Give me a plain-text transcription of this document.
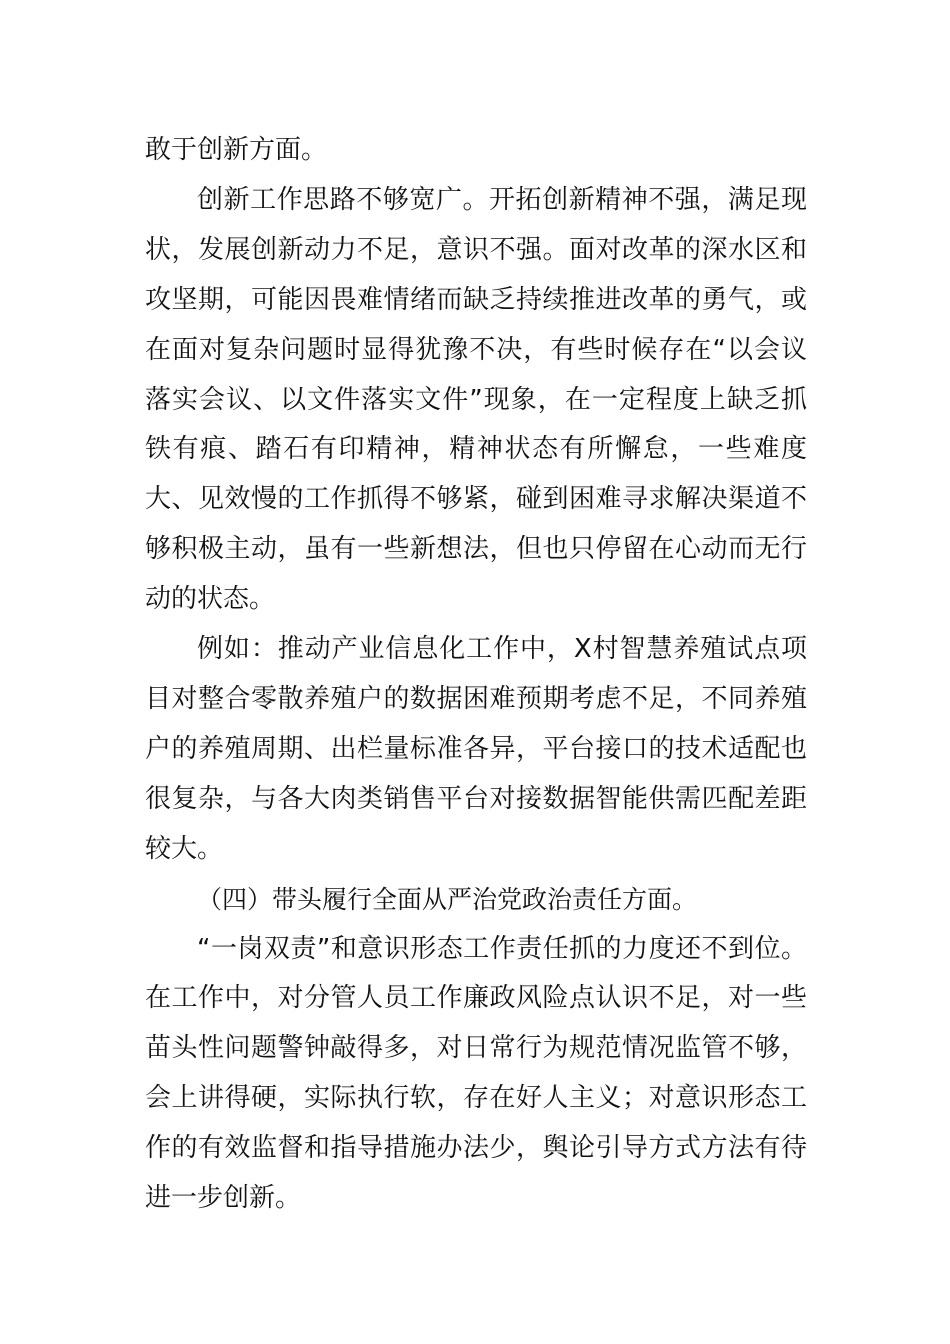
敢于创新方面。

创新工作思路不够宽广。开拓创新精神不强，满足现状，发展创新动力不足，意识不强。面对改革的深水区和攻坚期，可能因畏难情绪而缺乏持续推进改革的勇气，或在面对复杂问题时显得犹豫不决，有些时候存在“以会议落实会议、以文件落实文件”现象，在一定程度上缺乏抓铁有痕、踏石有印精神，精神状态有所懈怠，一些难度大、见效慢的工作抓得不够紧，碰到困难寻求解决渠道不够积极主动，虽有一些新想法，但也只停留在心动而无行动的状态。

例如：推动产业信息化工作中，X村智慧养殖试点项目对整合零散养殖户的数据困难预期考虑不足，不同养殖户的养殖周期、出栏量标准各异，平台接口的技术适配也很复杂，与各大肉类销售平台对接数据智能供需匹配差距较大。

（四）带头履行全面从严治党政治责任方面。

“一岗双责”和意识形态工作责任抓的力度还不到位。在工作中，对分管人员工作廉政风险点认识不足，对一些苗头性问题警钟敲得多，对日常行为规范情况监管不够，会上讲得硬，实际执行软，存在好人主义；对意识形态工作的有效监督和指导措施办法少，舆论引导方式方法有待进一步创新。
